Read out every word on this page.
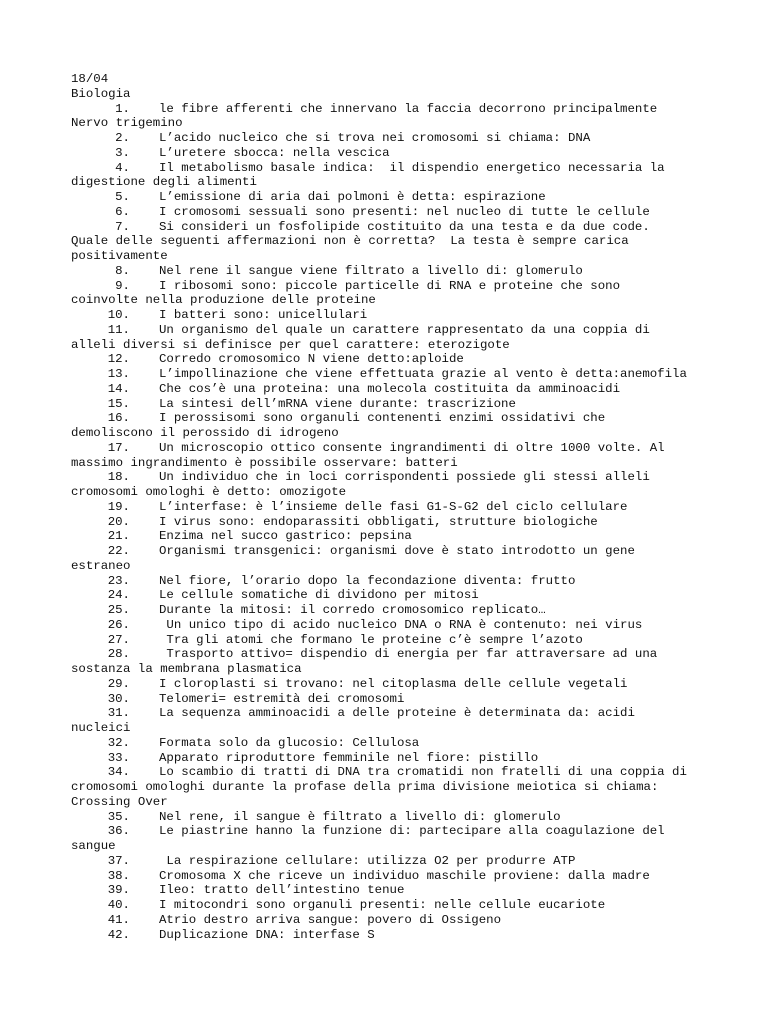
18/04
Biologia
1. le fibre afferenti che innervano la faccia decorrono principalmente
Nervo trigemino
2. L’acido nucleico che si trova nei cromosomi si chiama: DNA
3. L’uretere sbocca: nella vescica
4. Il metabolismo basale indica:  il dispendio energetico necessaria la
digestione degli alimenti
5. L’emissione di aria dai polmoni è detta: espirazione
6. I cromosomi sessuali sono presenti: nel nucleo di tutte le cellule
7. Si consideri un fosfolipide costituito da una testa e da due code.
Quale delle seguenti affermazioni non è corretta?  La testa è sempre carica
positivamente
8. Nel rene il sangue viene filtrato a livello di: glomerulo
9. I ribosomi sono: piccole particelle di RNA e proteine che sono
coinvolte nella produzione delle proteine
10. I batteri sono: unicellulari
11. Un organismo del quale un carattere rappresentato da una coppia di
alleli diversi si definisce per quel carattere: eterozigote
12. Corredo cromosomico N viene detto:aploide
13. L’impollinazione che viene effettuata grazie al vento è detta:anemofila
14. Che cos’è una proteina: una molecola costituita da amminoacidi
15. La sintesi dell’mRNA viene durante: trascrizione
16. I perossisomi sono organuli contenenti enzimi ossidativi che
demoliscono il perossido di idrogeno
17. Un microscopio ottico consente ingrandimenti di oltre 1000 volte. Al
massimo ingrandimento è possibile osservare: batteri
18. Un individuo che in loci corrispondenti possiede gli stessi alleli
cromosomi omologhi è detto: omozigote
19. L’interfase: è l’insieme delle fasi G1-S-G2 del ciclo cellulare
20. I virus sono: endoparassiti obbligati, strutture biologiche
21. Enzima nel succo gastrico: pepsina
22. Organismi transgenici: organismi dove è stato introdotto un gene
estraneo
23. Nel fiore, l’orario dopo la fecondazione diventa: frutto
24. Le cellule somatiche di dividono per mitosi
25. Durante la mitosi: il corredo cromosomico replicato…
26. Un unico tipo di acido nucleico DNA o RNA è contenuto: nei virus
27. Tra gli atomi che formano le proteine c’è sempre l’azoto
28. Trasporto attivo= dispendio di energia per far attraversare ad una
sostanza la membrana plasmatica
29. I cloroplasti si trovano: nel citoplasma delle cellule vegetali
30. Telomeri= estremità dei cromosomi
31. La sequenza amminoacidi a delle proteine è determinata da: acidi
nucleici
32. Formata solo da glucosio: Cellulosa
33. Apparato riproduttore femminile nel fiore: pistillo
34. Lo scambio di tratti di DNA tra cromatidi non fratelli di una coppia di
cromosomi omologhi durante la profase della prima divisione meiotica si chiama:
Crossing Over
35. Nel rene, il sangue è filtrato a livello di: glomerulo
36. Le piastrine hanno la funzione di: partecipare alla coagulazione del
sangue
37. La respirazione cellulare: utilizza O2 per produrre ATP
38. Cromosoma X che riceve un individuo maschile proviene: dalla madre
39. Ileo: tratto dell’intestino tenue
40. I mitocondri sono organuli presenti: nelle cellule eucariote
41. Atrio destro arriva sangue: povero di Ossigeno
42. Duplicazione DNA: interfase S
